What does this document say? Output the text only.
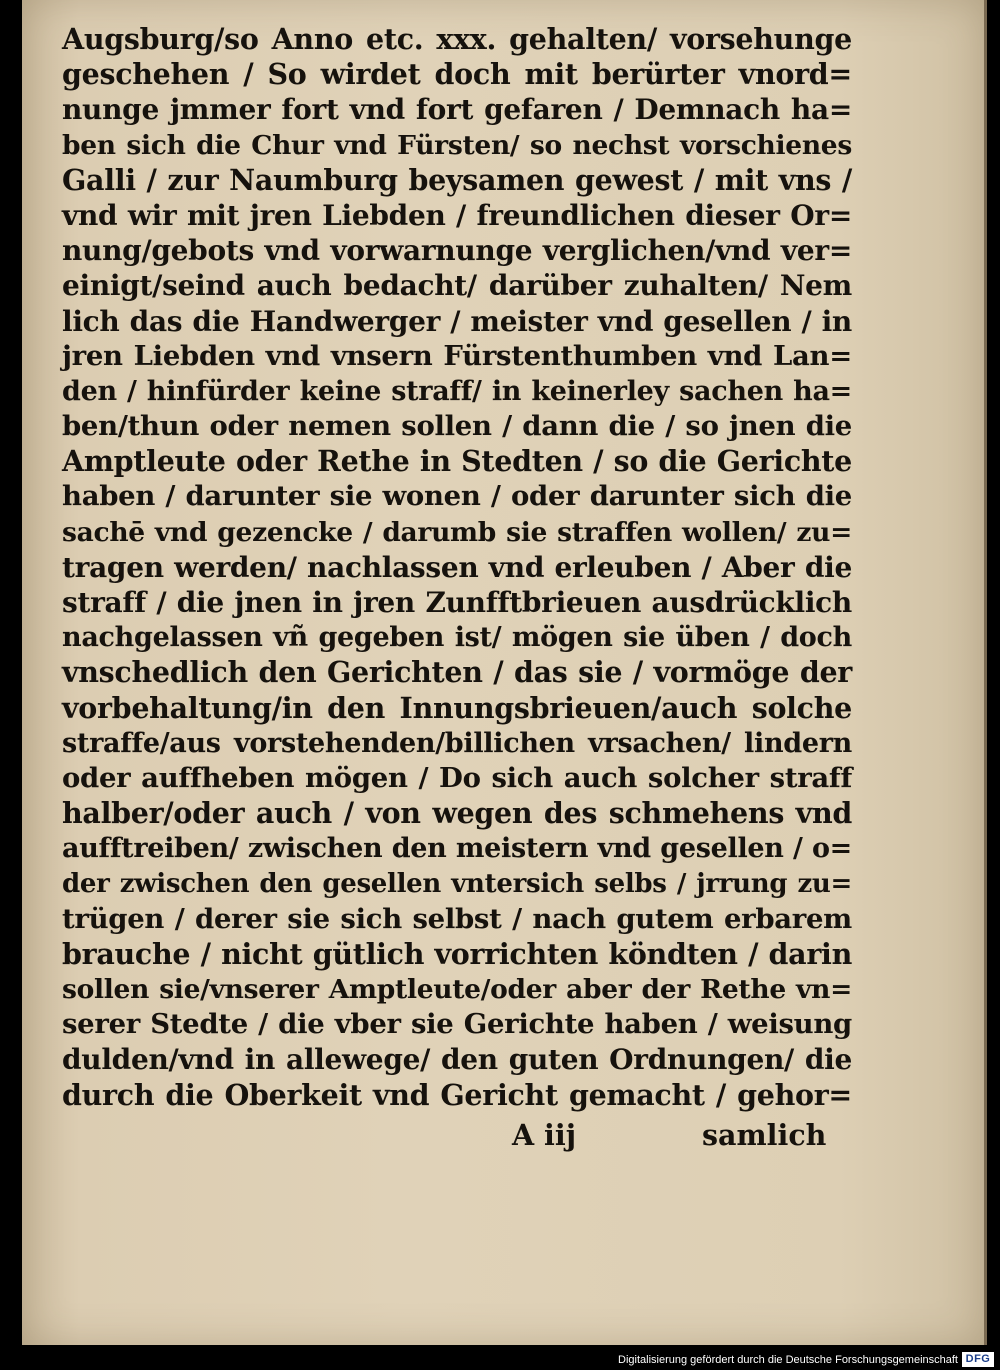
Augsburg/so Anno etc. xxx. gehalten/ vorsehunge
geschehen / So wirdet doch mit berürter vnord=
nunge jmmer fort vnd fort gefaren / Demnach ha=
ben sich die Chur vnd Fürsten/ so nechst vorschienes
Galli / zur Naumburg beysamen gewest / mit vns /
vnd wir mit jren Liebden / freundlichen dieser Or=
nung/gebots vnd vorwarnunge verglichen/vnd ver=
einigt/seind auch bedacht/ darüber zuhalten/ Nem
lich das die Handwerger / meister vnd gesellen / in
jren Liebden vnd vnsern Fürstenthumben vnd Lan=
den / hinfürder keine straff/ in keinerley sachen ha=
ben/thun oder nemen sollen / dann die / so jnen die
Amptleute oder Rethe in Stedten / so die Gerichte
haben / darunter sie wonen / oder darunter sich die
sachē vnd gezencke / darumb sie straffen wollen/ zu=
tragen werden/ nachlassen vnd erleuben / Aber die
straff / die jnen in jren Zunfftbrieuen ausdrücklich
nachgelassen vñ gegeben ist/ mögen sie üben / doch
vnschedlich den Gerichten / das sie / vormöge der
vorbehaltung/in den Innungsbrieuen/auch solche
straffe/aus vorstehenden/billichen vrsachen/ lindern
oder auffheben mögen / Do sich auch solcher straff
halber/oder auch / von wegen des schmehens vnd
aufftreiben/ zwischen den meistern vnd gesellen / o=
der zwischen den gesellen vntersich selbs / jrrung zu=
trügen / derer sie sich selbst / nach gutem erbarem
brauche / nicht gütlich vorrichten köndten / darin
sollen sie/vnserer Amptleute/oder aber der Rethe vn=
serer Stedte / die vber sie Gerichte haben / weisung
dulden/vnd in allewege/ den guten Ordnungen/ die
durch die Oberkeit vnd Gericht gemacht / gehor=
A iij	samlich
Digitalisierung gefördert durch die Deutsche Forschungsgemeinschaft DFG
